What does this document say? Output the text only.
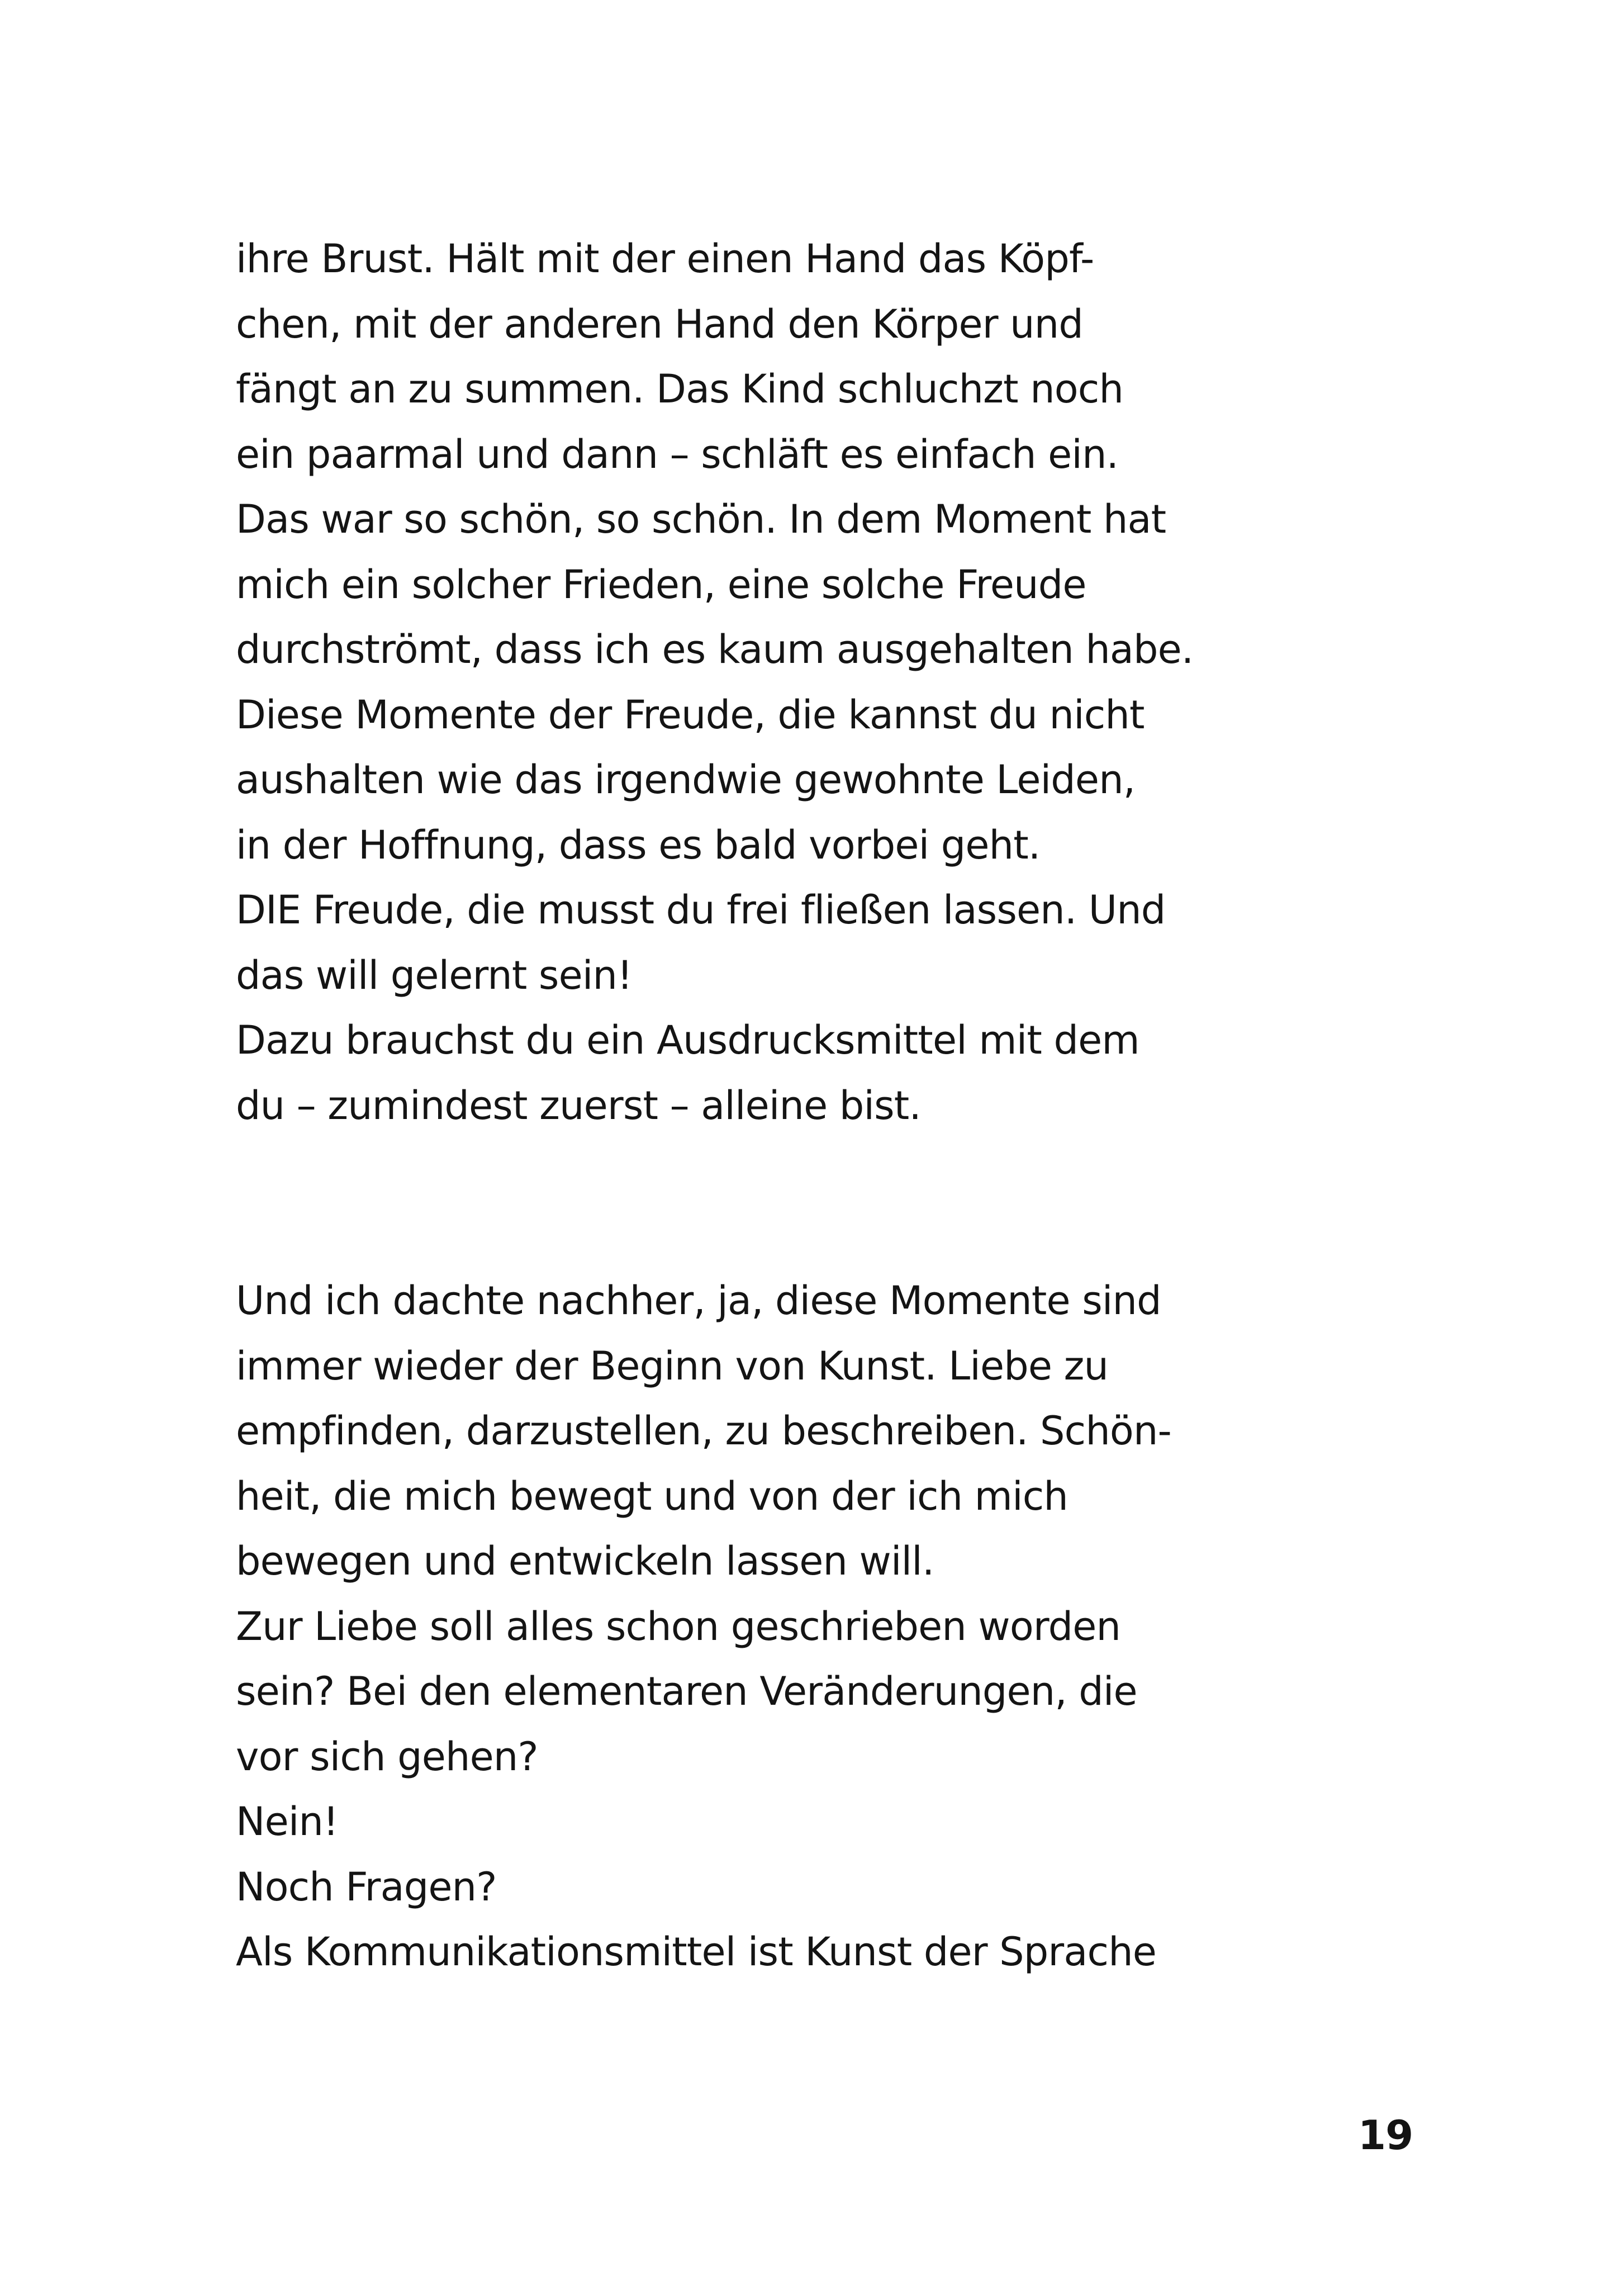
ihre Brust. Hält mit der einen Hand das Köpf-
chen, mit der anderen Hand den Körper und
fängt an zu summen. Das Kind schluchzt noch
ein paarmal und dann – schläft es einfach ein.
Das war so schön, so schön. In dem Moment hat
mich ein solcher Frieden, eine solche Freude
durchströmt, dass ich es kaum ausgehalten habe.
Diese Momente der Freude, die kannst du nicht
aushalten wie das irgendwie gewohnte Leiden,
in der Hoffnung, dass es bald vorbei geht.
DIE Freude, die musst du frei fließen lassen. Und
das will gelernt sein!
Dazu brauchst du ein Ausdrucksmittel mit dem
du – zumindest zuerst – alleine bist.
Und ich dachte nachher, ja, diese Momente sind
immer wieder der Beginn von Kunst. Liebe zu
empfinden, darzustellen, zu beschreiben. Schön-
heit, die mich bewegt und von der ich mich
bewegen und entwickeln lassen will.
Zur Liebe soll alles schon geschrieben worden
sein? Bei den elementaren Veränderungen, die
vor sich gehen?
Nein!
Noch Fragen?
Als Kommunikationsmittel ist Kunst der Sprache
19
